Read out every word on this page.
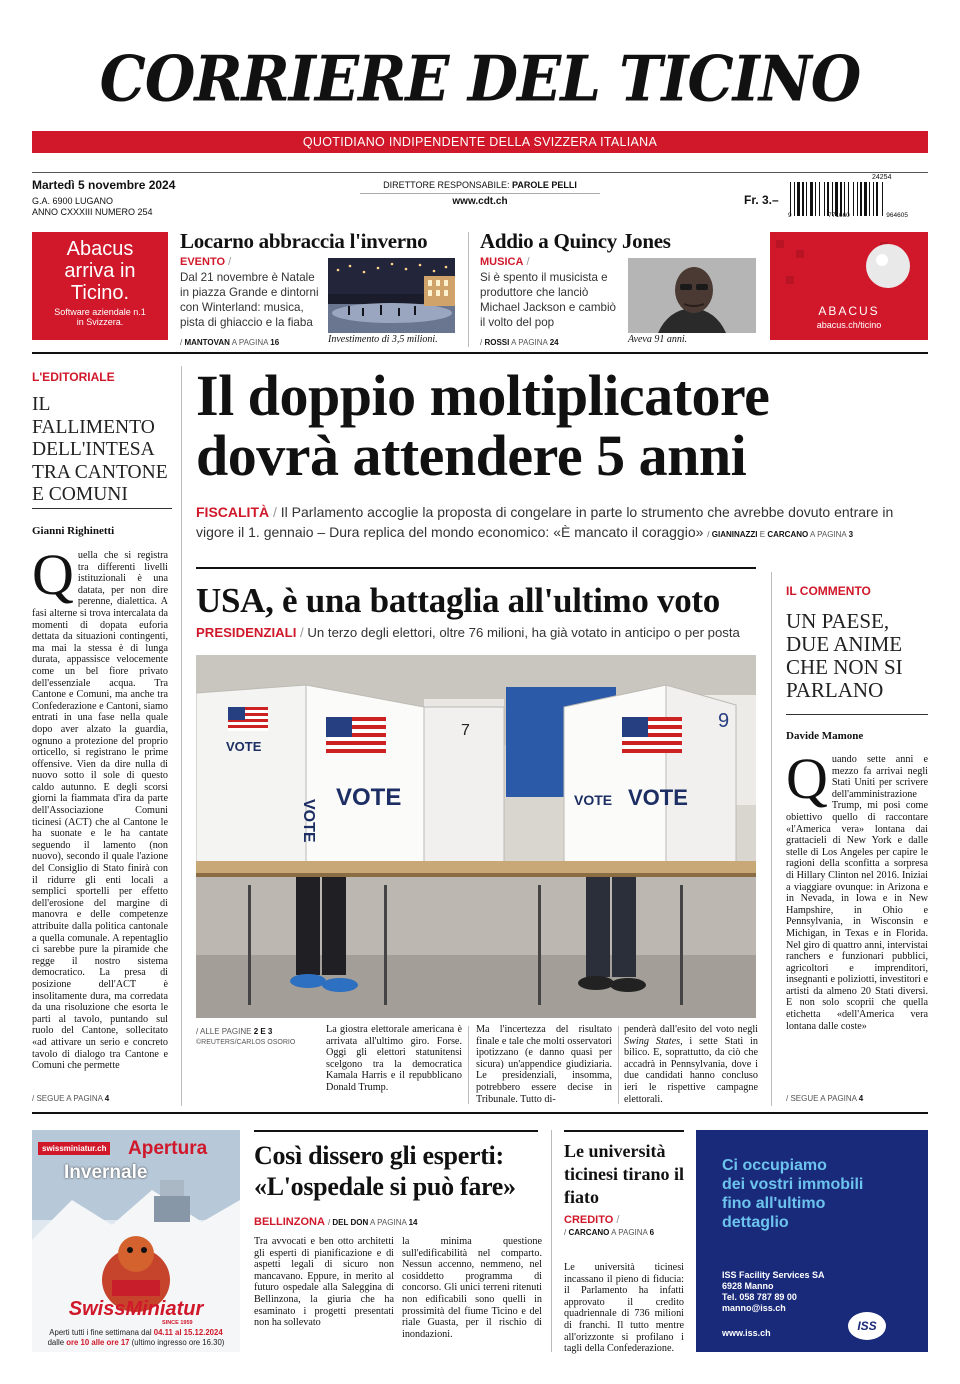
CORRIERE DEL TICINO
QUOTIDIANO INDIPENDENTE DELLA SVIZZERA ITALIANA
Martedì 5 novembre 2024
G.A. 6900 LUGANO
ANNO CXXXIII NUMERO 254
DIRETTORE RESPONSABILE: PAROLE PELLI
www.cdt.ch	Fr. 3.–
24254
9	771660	964605
Abacus
arriva in
Ticino.
Software aziendale n.1
in Svizzera.
Locarno abbraccia l'inverno
EVENTO /
Dal 21 novembre è Natale in piazza Grande e dintorni con Winterland: musica, pista di ghiaccio e la fiaba
Investimento di 3,5 milioni.
/ MANTOVAN A PAGINA 16
Addio a Quincy Jones
MUSICA /
Si è spento il musicista e produttore che lanciò Michael Jackson e cambiò il volto del pop
Aveva 91 anni.
/ ROSSI A PAGINA 24
ABACUS
abacus.ch/ticino
L'EDITORIALE
IL FALLIMENTO DELL'INTESA TRA CANTONE E COMUNI
Gianni Righinetti

Quella che si registra tra differenti livelli istituzionali è una datata, per non dire perenne, dialettica. A fasi alterne si trova intercalata da momenti di dopata euforia dettata da situazioni contingenti, ma mai la stessa è di lunga durata, appassisce velocemente come un bel fiore privato dell'essenziale acqua. Tra Cantone e Comuni, ma anche tra Confederazione e Cantoni, siamo entrati in una fase nella quale dopo aver alzato la guardia, ognuno a protezione del proprio orticello, si registrano le prime offensive. Vien da dire nulla di nuovo sotto il sole di questo caldo autunno. E degli scorsi giorni la fiammata d'ira da parte dell'Associazione Comuni ticinesi (ACT) che al Cantone le ha suonate e le ha cantate seguendo il lamento (non nuovo), secondo il quale l'azione del Consiglio di Stato finirà con il ridurre gli enti locali a semplici sportelli per effetto dell'erosione del margine di manovra e delle competenze attribuite dalla politica cantonale a quella comunale. A repentaglio ci sarebbe pure la piramide che regge il nostro sistema democratico. La presa di posizione dell'ACT è insolitamente dura, ma corredata da una risoluzione che esorta le parti al tavolo, puntando sul ruolo del Cantone, sollecitato «ad attivare un serio e concreto tavolo di dialogo tra Cantone e Comuni che permette

/ SEGUE A PAGINA 4
Il doppio moltiplicatore dovrà attendere 5 anni
FISCALITÀ / Il Parlamento accoglie la proposta di congelare in parte lo strumento che avrebbe dovuto entrare in vigore il 1. gennaio – Dura replica del mondo economico: «È mancato il coraggio» / GIANINAZZI E CARCANO A PAGINA 3
USA, è una battaglia all'ultimo voto
PRESIDENZIALI / Un terzo degli elettori, oltre 76 milioni, ha già votato in anticipo o per posta
VOTE
VOTE
VOTE
7
VOTE
VOTE
9
/ ALLE PAGINE 2 E 3
©REUTERS/CARLOS OSORIO

La giostra elettorale americana è arrivata all'ultimo giro. Forse. Oggi gli elettori statunitensi scelgono tra la democratica Kamala Harris e il repubblicano Donald Trump.

Ma l'incertezza del risultato finale e tale che molti osservatori ipotizzano (e danno quasi per sicura) un'appendice giudiziaria. Le presidenziali, insomma, potrebbero essere decise in Tribunale. Tutto di-

penderà dall'esito del voto negli Swing States, i sette Stati in bilico. E, soprattutto, da ciò che accadrà in Pennsylvania, dove i due candidati hanno concluso ieri le rispettive campagne elettorali.

IL COMMENTO
UN PAESE, DUE ANIME CHE NON SI PARLANO
Davide Mamone

Quando sette anni e mezzo fa arrivai negli Stati Uniti per scrivere dell'amministrazione Trump, mi posi come obiettivo quello di raccontare «l'America vera» lontana dai grattacieli di New York e dalle stelle di Los Angeles per capire le ragioni della sconfitta a sorpresa di Hillary Clinton nel 2016. Iniziai a viaggiare ovunque: in Arizona e in Nevada, in Iowa e in New Hampshire, in Ohio e Pennsylvania, in Wisconsin e Michigan, in Texas e in Florida. Nel giro di quattro anni, intervistai ranchers e funzionari pubblici, agricoltori e imprenditori, insegnanti e poliziotti, investitori e artisti da almeno 20 Stati diversi. E non solo scoprii che quella etichetta «dell'America vera lontana dalle coste»

/ SEGUE A PAGINA 4
swissminiatur.ch Apertura
Invernale
SwissMiniatur
SINCE 1959
Aperti tutti i fine settimana dal 04.11 al 15.12.2024
dalle ore 10 alle ore 17 (ultimo ingresso ore 16.30)
Così dissero gli esperti: «L'ospedale si può fare»
BELLINZONA / DEL DON A PAGINA 14

Tra avvocati e ben otto architetti gli esperti di pianificazione e di aspetti legali di sicuro non mancavano. Eppure, in merito al futuro ospedale alla Saleggina di Bellinzona, la giuria che ha esaminato i progetti presentati non ha sollevato

la minima questione sull'edificabilità nel comparto. Nessun accenno, nemmeno, nel cosiddetto programma di concorso. Gli unici terreni ritenuti non edificabili sono quelli in prossimità del fiume Ticino e del riale Guasta, per il rischio di inondazioni.

Le università ticinesi tirano il fiato
CREDITO /
/ CARCANO A PAGINA 6

Le università ticinesi incassano il pieno di fiducia: il Parlamento ha infatti approvato il credito quadriennale di 736 milioni di franchi. Il tutto mentre all'orizzonte si profilano i tagli della Confederazione.

Ci occupiamo
dei vostri immobili
fino all'ultimo
dettaglio
ISS Facility Services SA
6928 Manno
Tel. 058 787 89 00
manno@iss.ch
www.iss.ch	ISS
